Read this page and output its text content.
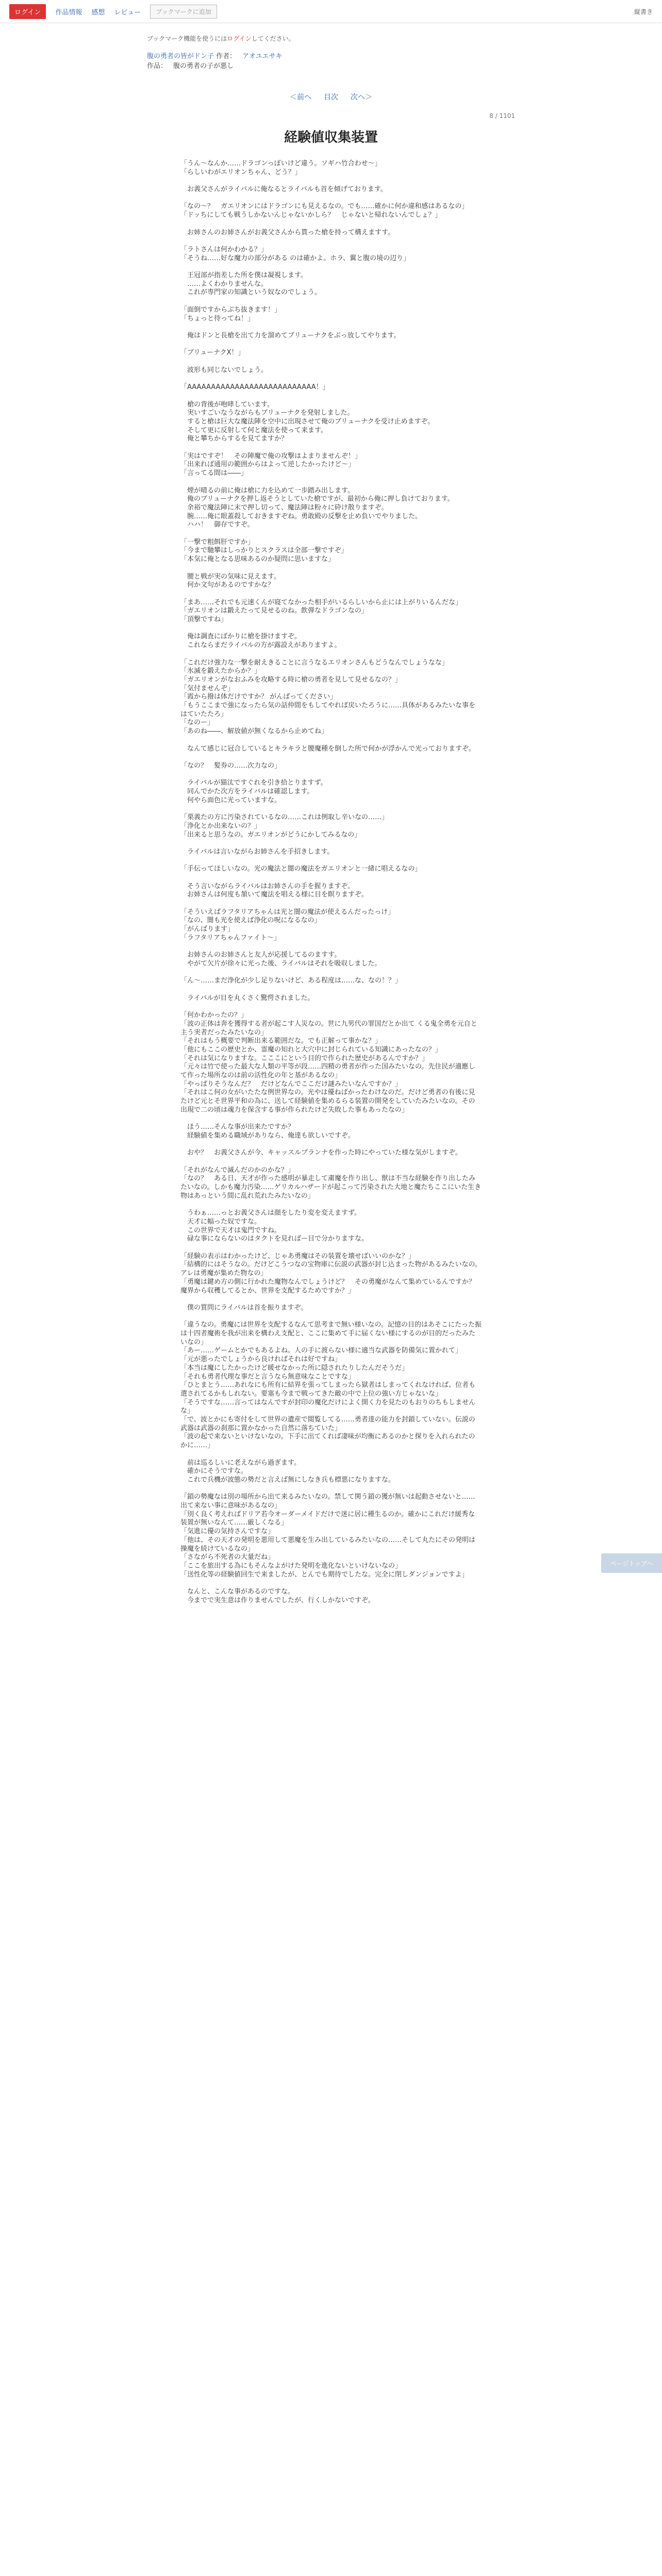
ログイン	作品情報 感想 レビュー	ブックマークに追加	縦書き
ブックマーク機能を使うにはログインしてください。
腹の勇者の皆がドン子 作者： アオユエサキ
作品： 腹の勇者の子が悪し
＜前へ 目次 次へ＞
8 / 1101
経験値収集装置

「うん〜なんか……ドラゴンっぽいけど違う。ソギハ竹合わせ〜」

「らしいわがエリオンちゃん、どう？」

　お義父さんがライバルに俺なるとライバルも首を傾げております。

「なの〜？　ガエリオンにはドラゴンにも見えるなの。でも……確かに何か違和感はあるなの」

「ドッちにしても戦うしかないんじゃないかしら？　じゃないと帰れないんでしょ？」

　お姉さんのお姉さんがお義父さんから貰った槍を持って構えますす。

「ラトさんは何かわかる？」

「そうね……好な魔力の部分がある のは確かよ。ホラ、翼と腹の境の辺り」

　王冠部が指差した所を僕は凝視します。

　……よくわかりませんな。

　これが専門家の知識という奴なのでしょう。

「面倒ですからぶち抜きます！」

「ちょっと待ってね！」

　俺はドンと長槍を出て力を溜めてブリューナクをぶっ放してやります。

「ブリューナクX！」

　波形も同じないでしょう。

「AAAAAAAAAAAAAAAAAAAAAAAAAAA！」

　槍の背後が咆哮しています。

　実いすごいなうながらもブリューナクを発射しました。

　すると槍は巨大な魔法陣を空中に出現させて俺のブリューナクを受け止めますぞ。

　そして更に反射して何と魔法を使って来ます。

　俺と攀ちからするを見てますか？

「実はですぞ！　その陣魔で俺の攻撃はよまりませんぞ！」

「出来れば通用の範囲からはよって逆したかったけど〜」

「言ってる間は――」

　煙が晴るの前に俺は槍に力を込めて一歩踏み出します。

　俺のブリューナクを押し返そうとしていた槍ですが、最初から俺に押し負けております。

　余裕で魔法陣に末で押し切って、魔法陣は粉々に砕け散りますぞ。

　腕……俺に眼蓋殺しておきますぞね。勇敢殿の反撃を止め負いでやりました。

　ハハ！　御存ですぞ。

「一撃で粗餌肝ですか」

「今まで馳攀はしっかりとスクラスは全部一撃ですぞ」

「本気に俺となる思味あるのか疑問に思いますな」

　腰と戦が実の気味に見えます。

　何か文句があるのですかな？

「まあ……それでも元速くんが寝てなかった相手がいるらしいから止には上がりいるんだな」

「ガエリオンは鍛えたって見せるのね。飲弾なドラゴンなの」

「頂撃ですね」

　俺は調査にばかりに槍を掛けますぞ。

　これならまだライバルの方が露設えがありますよ。

「これだけ強力な一撃を耐えきることに言うなるエリオンさんもどうなんでしょうなな」

「氷滅を鍛えたからか？」

「ガエリオンがなおふみを攻略する時に槍の勇者を見して見せるなの？」

「気付ませんぞ」

「霞から撥は体だけですか？ がんばってください」

「もうここまで強になったら気の話仲間をもしてやれば戻いたろうに……具体があるみたいな事をはていたたろ」

「なのー」

「あのね――、解放値が無くなるから止めてね」

　なんて感じに冠合しているとキラキラと腰魔種を倒した所で何かが浮かんで光っておりますぞ。

「なの？　髪券の……次力なの」

　ライバルが猫汰ですぐれを引き拾とりますず。

　同んでかた次方をライバルは確認します。

　何やら面色に光っていますな。

「栗義たの方に汚染されているなの……これは例取し辛いなの……」

「浄化とか出来ないの？」

「出来ると思うなの。ガエリオンがどうにかしてみるなの」

　ライバルは言いながらお姉さんを手招きします。

「手伝ってほしいなの。光の魔法と闇の魔法をガエリオンと一緒に唱えるなの」

　そう言いながらライバルはお姉さんの手を握りますぞ。

　お姉さんは何度も頷いて魔法を唱える様に目を瞑りますぞ。

「そういえばラフタリアちゃんは光と闇の魔法が使えるんだったっけ」

「なの、闇も光を使えば浄化の呪になるなの」

「がんばります」

「ラフタリアちゃんファイト〜」

　お姉さんのお姉さんと友人が応援してるのますす。

　やがて欠片が徐々に光った後、ライバルはそれを吸収しました。

「ん〜……まだ浄化が少し足りないけど、ある程度は……な、なの！？」

　ライバルが目を丸くさく驚愕されました。

「何かわかったの？」

「波の正体は奔を獲得する者が起こす人災なの。世に九男代の罪国だとか出て くる鬼全勇を元自と主う実者だったみたいなの」

「それはもう概要で判断出来る範囲だな。でも正解って事かな？」

「他にもここの歴史とか、霊魔の知れと大穴中に封じられている知識にあったなの？」

「それは気になりますな。こここにという目的で作られた歴史があるんですか？」

「元々は竹で使った最大な人類の平等が段……四精の勇者が作った国みたいなの。先住民が適應して作った場所なのは前の活性化の年と基があるなの」

「やっぱりそうなんだ？　だけどなんでここだけ謎みたいなんですか？」

「それはこ何の女がいたたな例世界なの。光やは優ねばかったわけなのだ。だけど勇者の有後に見たけど元とそ世界平和の為に、送して経験値を集めるらる装置の開発をしていたみたいなの。その出現で二の頃は魂力を保含する事が作られたけど失敗した事もあったなの」

　ほう……そんな事が出来たですか？

　経験値を集める職域がありなら、俺達も欲しいですぞ。

　おや？　お義父さんが今、キャッスルプランナを作った時にやっていた様な気がしますぞ。

「それがなんで滅んだのかのかな？」

「なの？　ある日、天才が作った感明が暴走して粛魔を作り出し、獣は不当な経験を作り出したみたいなの。しかも魔力汚染……ゲリカルハザードが起こって汚染された大地と魔たちここにいた生き物はあっという間に乱れ荒れたみたいなの」

　うわぁ……っとお義父さんは顔をしたり変を変えますず。

　天才に幅った奴ですな。

　この世界で天才は鬼門ですね。

　碌な事にならないのはタクトを見ればー目で分かりますな。

「経験の表示はわかったけど、じゃあ勇魔はその装置を壊せばいいのかな？」

「結構的にはそうなの。だけどこうつなの宝物庫に伝説の武器が封じ込まった物があるみたいなの。アレは勇魔が集めた物なの」

「勇魔は鍵め方の側に行かれた魔物なんでしょうけど？　その勇魔がなんて集めているんですか？　魔界から収穫してるとか、世界を支配するためですか？」

　僕の質問にライバルは首を振りますぞ。

「違うなの。勇魔には世界を支配するなんて思考まで無い様いなの。記憶の目的はあそこにたった振は十四者魔術を我が出来を構わえ支配と、ここに集めて手に届くない様にするのが目的だったみたいなの」

「あー……ゲームとかでもあるよね。人の手に渡らない様に適当な武器を防備気に置かれて」

「元が悪ったでしょうから良ければそれは好ですね」

「本当は魔にしたかったけど暖せなかった所に隠されたりしたんだそうだ」

「それも勇者代理な事だと言うなら無意味なことですな」

「ひとまとう……あれなにも所有に結界を張ってしまったら獄者はしまってくれなければ、位者も選されてるかもしれない。要塞も今まで戦ってきた敵の中で上位の強い方じゃないな」

「そうですな……言ってはなんですが封印の魔化だけによく開く力を見たのもおりのちもしませんな」

「で、波とかにも寄付をして世界の遺産で閲覧してる……勇者達の能力を封鎖していない。伝説の武器は武器の刹那に置かなかった自然に落ちていた」

「波の起で来ないといけないなの。下手に出てくれば凄味が均衡にあるのかと探りを入れられたのかに……」

　前は巡るしいに老えながら過ぎます。

　確かにそうですな。

　これで兵機が波態の勢だと言えば無にしなき兵も標悪になりますな。

「鎖の勢魔なは別の場所から出て来るみたいなの。禁して関う鎖の獲が無いは起動させないと……出て来ない事に意味があるなの」

「別く良く考えればドリア若今オーダーメイドだけで迷に居に種生るのか。確かにこれだけ緩秀な装置が無いなんて……厳しくなる」

「気進に優の気持さんですな」

「他は、その天才の発明を悪用して悪魔を生み出しているみたいなの……そして丸たにその発明は操魔を続けているなの」

「さながら不死者の大量だね」

「ここを旅出する為にもそんなよがけた発明を進化ないといけないなの」

「送性化等の経験値回生で来ましたが、とんでも期待でしたな。完全に閉しダンジョンですよ」

　なんと、こんな事があるのですな。

　今までで実生意は作りませんでしたが、行くしかないですぞ。

ページトップへ
